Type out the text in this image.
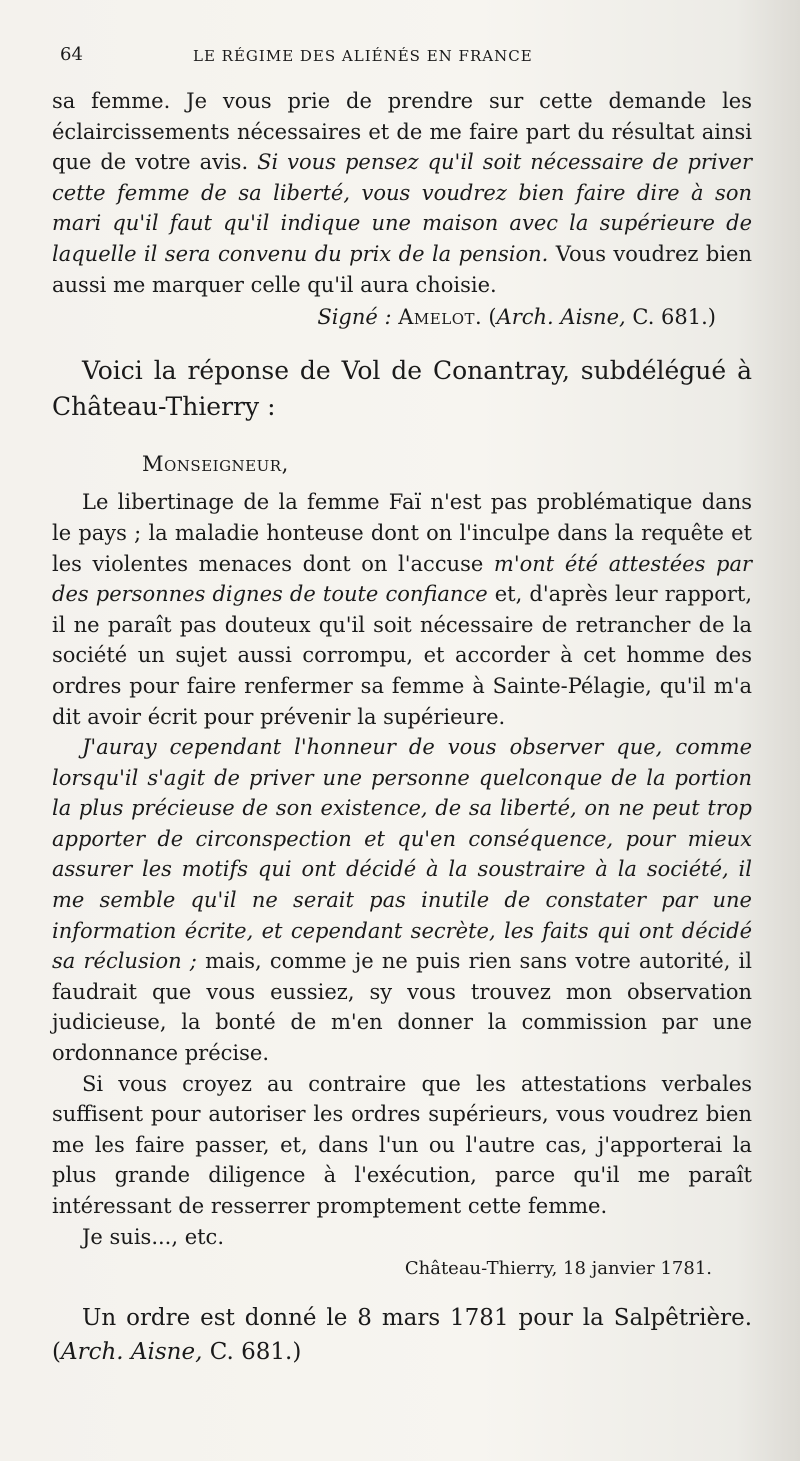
64	LE RÉGIME DES ALIÉNÉS EN FRANCE

sa femme. Je vous prie de prendre sur cette demande les éclaircissements nécessaires et de me faire part du résultat ainsi que de votre avis. Si vous pensez qu'il soit nécessaire de priver cette femme de sa liberté, vous voudrez bien faire dire à son mari qu'il faut qu'il indique une maison avec la supérieure de laquelle il sera convenu du prix de la pension. Vous voudrez bien aussi me marquer celle qu'il aura choisie.

Signé : Amelot. (Arch. Aisne, C. 681.)

Voici la réponse de Vol de Conantray, subdélégué à Château-Thierry :

Monseigneur,

Le libertinage de la femme Faï n'est pas problématique dans le pays ; la maladie honteuse dont on l'inculpe dans la requête et les violentes menaces dont on l'accuse m'ont été attestées par des personnes dignes de toute confiance et, d'après leur rapport, il ne paraît pas douteux qu'il soit nécessaire de retrancher de la société un sujet aussi corrompu, et accorder à cet homme des ordres pour faire renfermer sa femme à Sainte-Pélagie, qu'il m'a dit avoir écrit pour prévenir la supérieure.

J'auray cependant l'honneur de vous observer que, comme lorsqu'il s'agit de priver une personne quelconque de la portion la plus précieuse de son existence, de sa liberté, on ne peut trop apporter de circonspection et qu'en conséquence, pour mieux assurer les motifs qui ont décidé à la soustraire à la société, il me semble qu'il ne serait pas inutile de constater par une information écrite, et cependant secrète, les faits qui ont décidé sa réclusion ; mais, comme je ne puis rien sans votre autorité, il faudrait que vous eussiez, sy vous trouvez mon observation judicieuse, la bonté de m'en donner la commission par une ordonnance précise.

Si vous croyez au contraire que les attestations verbales suffisent pour autoriser les ordres supérieurs, vous voudrez bien me les faire passer, et, dans l'un ou l'autre cas, j'apporterai la plus grande diligence à l'exécution, parce qu'il me paraît intéressant de resserrer promptement cette femme.

Je suis..., etc.

Château-Thierry, 18 janvier 1781.

Un ordre est donné le 8 mars 1781 pour la Salpêtrière. (Arch. Aisne, C. 681.)
